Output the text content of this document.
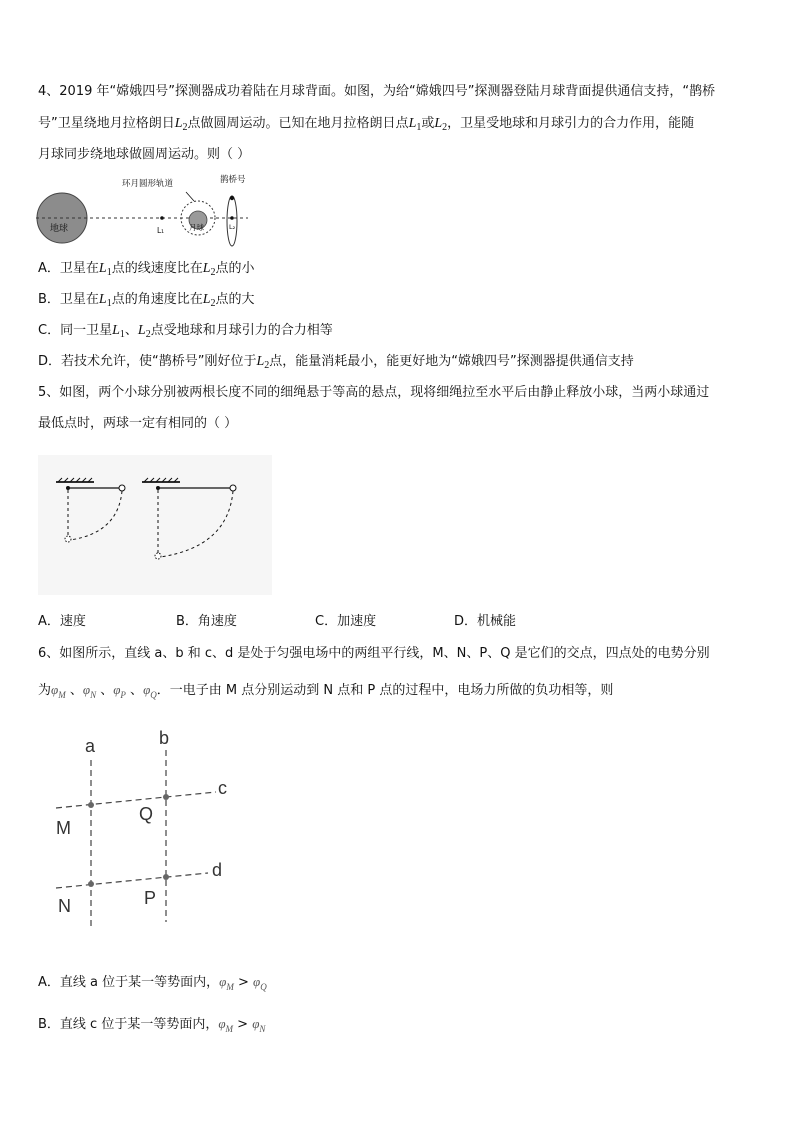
4、2019 年“嫦娥四号”探测器成功着陆在月球背面。如图，为给“嫦娥四号”探测器登陆月球背面提供通信支持，“鹊桥
号”卫星绕地月拉格朗日$L_2$点做圆周运动。已知在地月拉格朗日点$L_1$或$L_2$，卫星受地球和月球引力的合力作用，能随
月球同步绕地球做圆周运动。则（ ）
地球	L₁	月球
环月圆形轨道
L₂
鹊桥号
A．卫星在$L_1$点的线速度比在$L_2$点的小
B．卫星在$L_1$点的角速度比在$L_2$点的大
C．同一卫星$L_1$、$L_2$点受地球和月球引力的合力相等
D．若技术允许，使“鹊桥号”刚好位于$L_2$点，能量消耗最小，能更好地为“嫦娥四号”探测器提供通信支持
5、如图，两个小球分别被两根长度不同的细绳悬于等高的悬点，现将细绳拉至水平后由静止释放小球，当两小球通过
最低点时，两球一定有相同的（ ）
A．速度	B．角速度	C．加速度	D．机械能
6、如图所示，直线 a、b 和 c、d 是处于匀强电场中的两组平行线，M、N、P、Q 是它们的交点，四点处的电势分别
为$\varphi_M$ 、$\varphi_N$ 、$\varphi_P$ 、$\varphi_Q$．一电子由 M 点分别运动到 N 点和 P 点的过程中，电场力所做的负功相等，则
a	b
c
d
M
Q
N	P
A．直线 a 位于某一等势面内，$\varphi_M > \varphi_Q$
B．直线 c 位于某一等势面内，$\varphi_M > \varphi_N$
